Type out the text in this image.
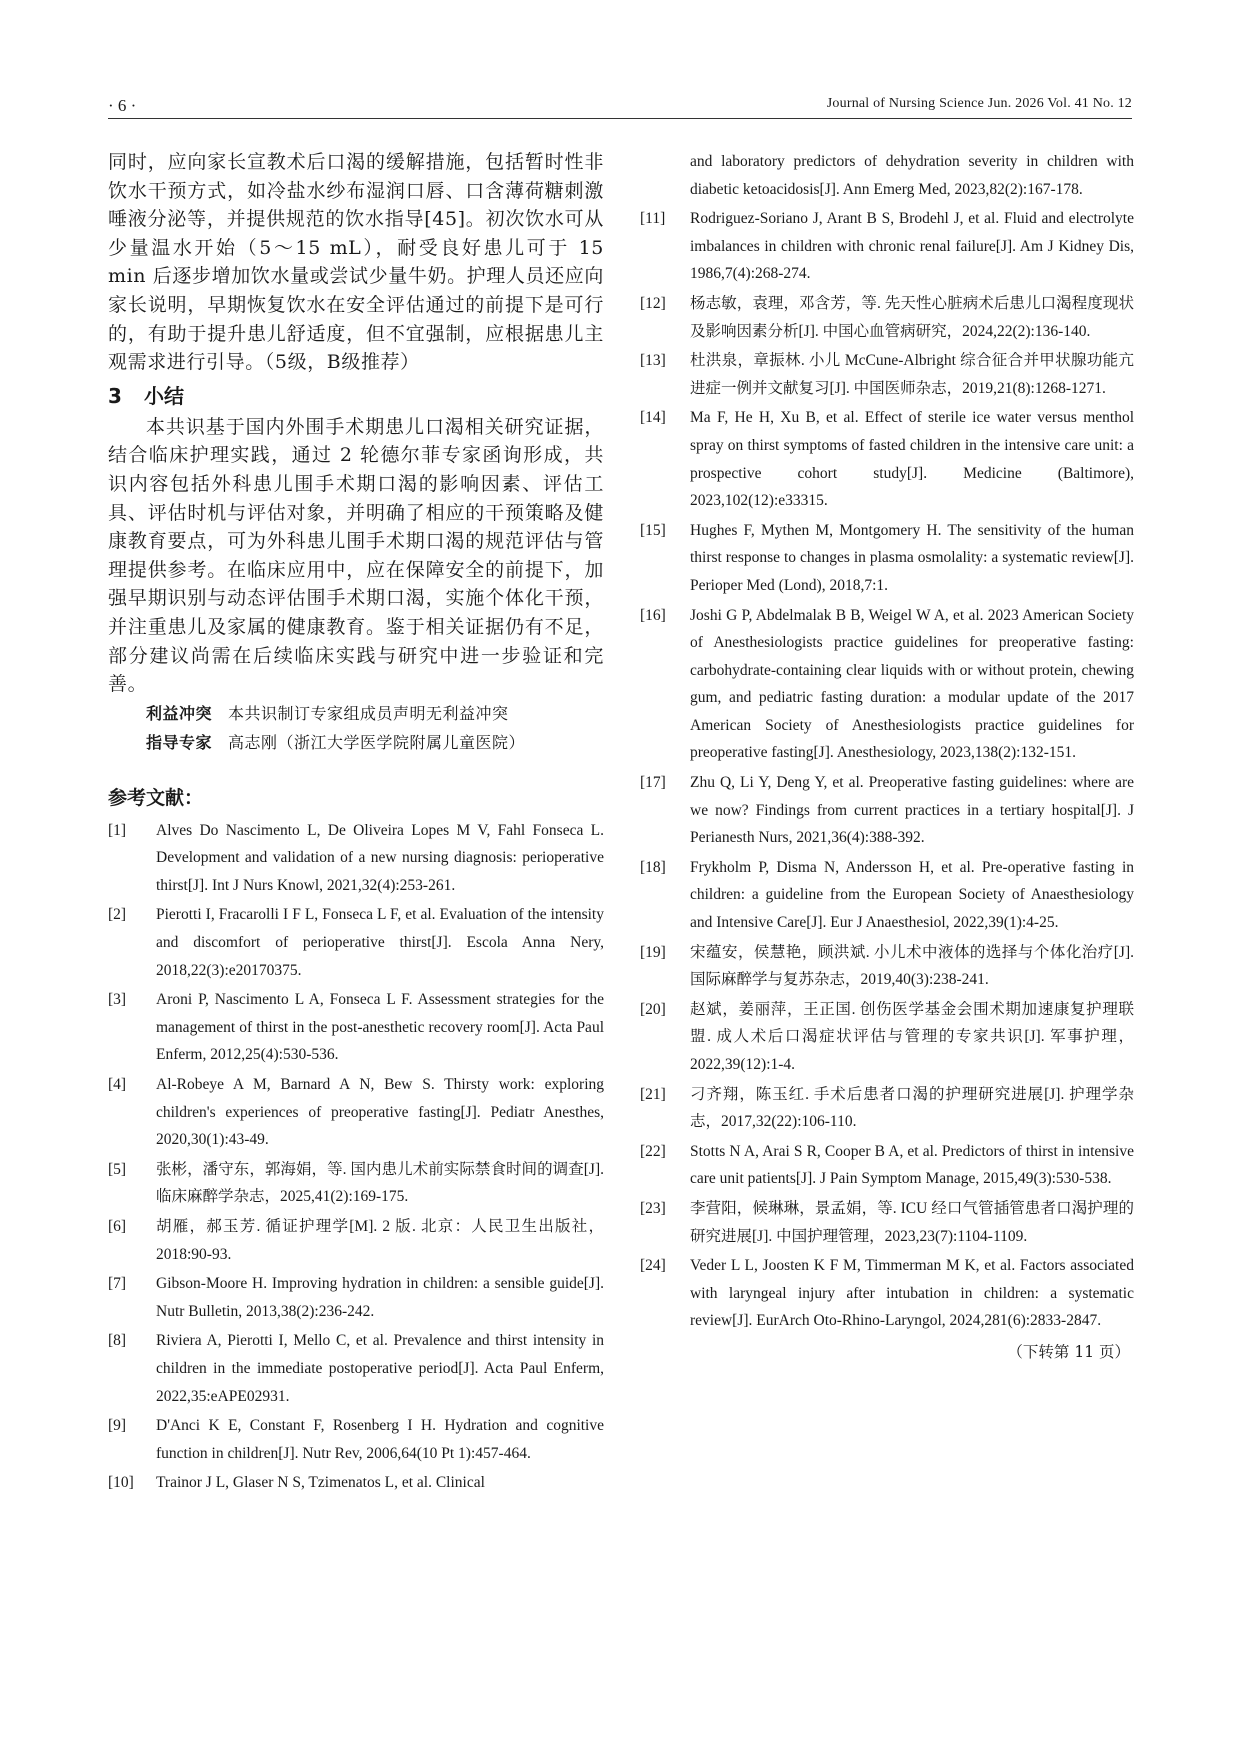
· 6 ·	Journal of Nursing Science Jun. 2026 Vol. 41 No. 12

同时，应向家长宣教术后口渴的缓解措施，包括暂时性非饮水干预方式，如冷盐水纱布湿润口唇、口含薄荷糖刺激唾液分泌等，并提供规范的饮水指导[45]。初次饮水可从少量温水开始（5～15 mL），耐受良好患儿可于 15 min 后逐步增加饮水量或尝试少量牛奶。护理人员还应向家长说明，早期恢复饮水在安全评估通过的前提下是可行的，有助于提升患儿舒适度，但不宜强制，应根据患儿主观需求进行引导。（5级，B级推荐）

3 小结

本共识基于国内外围手术期患儿口渴相关研究证据，结合临床护理实践，通过 2 轮德尔菲专家函询形成，共识内容包括外科患儿围手术期口渴的影响因素、评估工具、评估时机与评估对象，并明确了相应的干预策略及健康教育要点，可为外科患儿围手术期口渴的规范评估与管理提供参考。在临床应用中，应在保障安全的前提下，加强早期识别与动态评估围手术期口渴，实施个体化干预，并注重患儿及家属的健康教育。鉴于相关证据仍有不足，部分建议尚需在后续临床实践与研究中进一步验证和完善。

利益冲突 本共识制订专家组成员声明无利益冲突

指导专家 高志刚（浙江大学医学院附属儿童医院）

参考文献：

[1] Alves Do Nascimento L, De Oliveira Lopes M V, Fahl Fonseca L. Development and validation of a new nursing diagnosis: perioperative thirst[J]. Int J Nurs Knowl, 2021,32(4):253-261.

[2] Pierotti I, Fracarolli I F L, Fonseca L F, et al. Evaluation of the intensity and discomfort of perioperative thirst[J]. Escola Anna Nery, 2018,22(3):e20170375.

[3] Aroni P, Nascimento L A, Fonseca L F. Assessment strategies for the management of thirst in the post-anesthetic recovery room[J]. Acta Paul Enferm, 2012,25(4):530-536.

[4] Al-Robeye A M, Barnard A N, Bew S. Thirsty work: exploring children's experiences of preoperative fasting[J]. Pediatr Anesthes, 2020,30(1):43-49.

[5] 张彬，潘守东，郭海娟，等. 国内患儿术前实际禁食时间的调查[J]. 临床麻醉学杂志，2025,41(2):169-175.

[6] 胡雁，郝玉芳. 循证护理学[M]. 2 版. 北京：人民卫生出版社，2018:90-93.

[7] Gibson-Moore H. Improving hydration in children: a sensible guide[J]. Nutr Bulletin, 2013,38(2):236-242.

[8] Riviera A, Pierotti I, Mello C, et al. Prevalence and thirst intensity in children in the immediate postoperative period[J]. Acta Paul Enferm, 2022,35:eAPE02931.

[9] D'Anci K E, Constant F, Rosenberg I H. Hydration and cognitive function in children[J]. Nutr Rev, 2006,64(10 Pt 1):457-464.

[10] Trainor J L, Glaser N S, Tzimenatos L, et al. Clinical

and laboratory predictors of dehydration severity in children with diabetic ketoacidosis[J]. Ann Emerg Med, 2023,82(2):167-178.

[11] Rodriguez-Soriano J, Arant B S, Brodehl J, et al. Fluid and electrolyte imbalances in children with chronic renal failure[J]. Am J Kidney Dis, 1986,7(4):268-274.

[12] 杨志敏，袁理，邓含芳，等. 先天性心脏病术后患儿口渴程度现状及影响因素分析[J]. 中国心血管病研究，2024,22(2):136-140.

[13] 杜洪泉，章振林. 小儿 McCune-Albright 综合征合并甲状腺功能亢进症一例并文献复习[J]. 中国医师杂志，2019,21(8):1268-1271.

[14] Ma F, He H, Xu B, et al. Effect of sterile ice water versus menthol spray on thirst symptoms of fasted children in the intensive care unit: a prospective cohort study[J]. Medicine (Baltimore), 2023,102(12):e33315.

[15] Hughes F, Mythen M, Montgomery H. The sensitivity of the human thirst response to changes in plasma osmolality: a systematic review[J]. Perioper Med (Lond), 2018,7:1.

[16] Joshi G P, Abdelmalak B B, Weigel W A, et al. 2023 American Society of Anesthesiologists practice guidelines for preoperative fasting: carbohydrate-containing clear liquids with or without protein, chewing gum, and pediatric fasting duration: a modular update of the 2017 American Society of Anesthesiologists practice guidelines for preoperative fasting[J]. Anesthesiology, 2023,138(2):132-151.

[17] Zhu Q, Li Y, Deng Y, et al. Preoperative fasting guidelines: where are we now? Findings from current practices in a tertiary hospital[J]. J Perianesth Nurs, 2021,36(4):388-392.

[18] Frykholm P, Disma N, Andersson H, et al. Pre-operative fasting in children: a guideline from the European Society of Anaesthesiology and Intensive Care[J]. Eur J Anaesthesiol, 2022,39(1):4-25.

[19] 宋蕴安，侯慧艳，顾洪斌. 小儿术中液体的选择与个体化治疗[J]. 国际麻醉学与复苏杂志，2019,40(3):238-241.

[20] 赵斌，姜丽萍，王正国. 创伤医学基金会围术期加速康复护理联盟. 成人术后口渴症状评估与管理的专家共识[J]. 军事护理，2022,39(12):1-4.

[21] 刁齐翔，陈玉红. 手术后患者口渴的护理研究进展[J]. 护理学杂志，2017,32(22):106-110.

[22] Stotts N A, Arai S R, Cooper B A, et al. Predictors of thirst in intensive care unit patients[J]. J Pain Symptom Manage, 2015,49(3):530-538.

[23] 李营阳，候琳琳，景孟娟，等. ICU 经口气管插管患者口渴护理的研究进展[J]. 中国护理管理，2023,23(7):1104-1109.

[24] Veder L L, Joosten K F M, Timmerman M K, et al. Factors associated with laryngeal injury after intubation in children: a systematic review[J]. EurArch Oto-Rhino-Laryngol, 2024,281(6):2833-2847.

（下转第 11 页）
